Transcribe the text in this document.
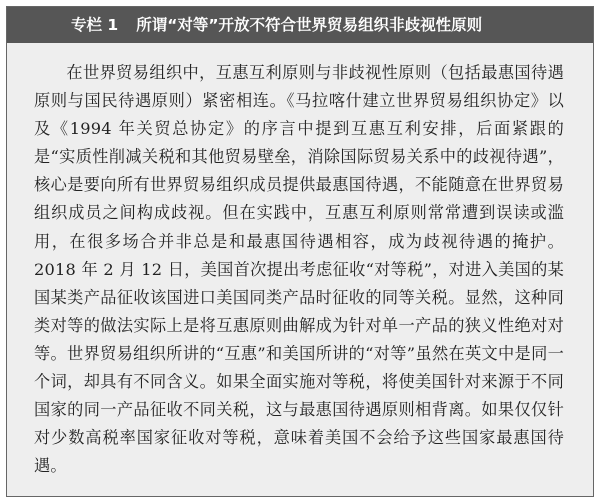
专栏 1 所谓“对等”开放不符合世界贸易组织非歧视性原则

在世界贸易组织中，互惠互利原则与非歧视性原则（包括最惠国待遇原则与国民待遇原则）紧密相连。《马拉喀什建立世界贸易组织协定》以及《1994 年关贸总协定》的序言中提到互惠互利安排，后面紧跟的是“实质性削减关税和其他贸易壁垒，消除国际贸易关系中的歧视待遇”，核心是要向所有世界贸易组织成员提供最惠国待遇，不能随意在世界贸易组织成员之间构成歧视。但在实践中，互惠互利原则常常遭到误读或滥用，在很多场合并非总是和最惠国待遇相容，成为歧视待遇的掩护。2018 年 2 月 12 日，美国首次提出考虑征收“对等税”，对进入美国的某国某类产品征收该国进口美国同类产品时征收的同等关税。显然，这种同类对等的做法实际上是将互惠原则曲解成为针对单一产品的狭义性绝对对等。世界贸易组织所讲的“互惠”和美国所讲的“对等”虽然在英文中是同一个词，却具有不同含义。如果全面实施对等税，将使美国针对来源于不同国家的同一产品征收不同关税，这与最惠国待遇原则相背离。如果仅仅针对少数高税率国家征收对等税，意味着美国不会给予这些国家最惠国待遇。
